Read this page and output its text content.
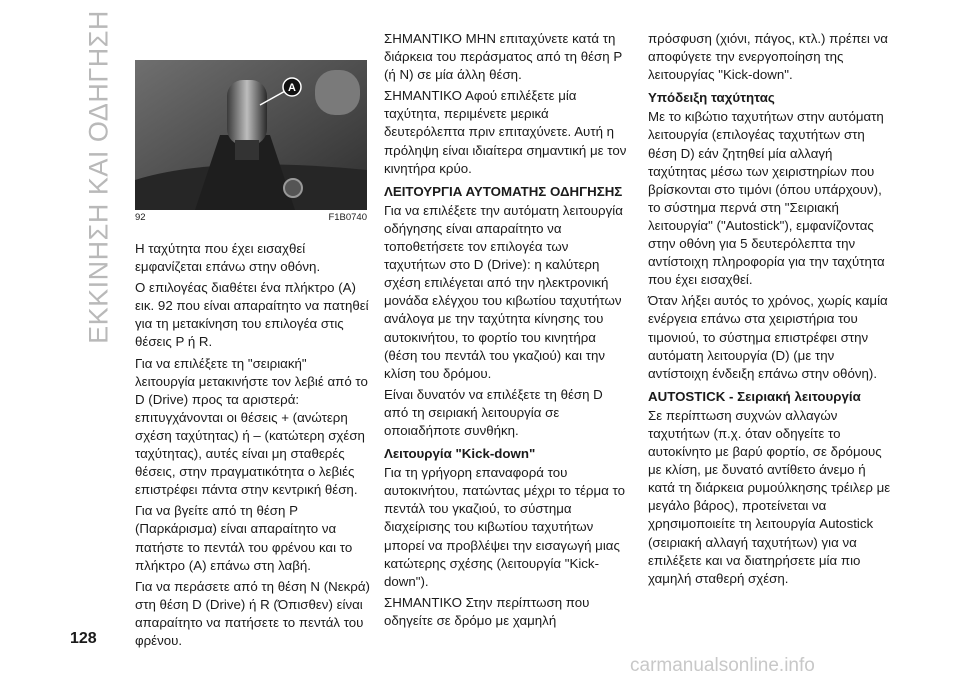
ΕΚΚΙΝΗΣΗ ΚΑΙ ΟΔΗΓΗΣΗ	A
92	F1B0740

Η ταχύτητα που έχει εισαχθεί εμφανίζεται επάνω στην οθόνη.

Ο επιλογέας διαθέτει ένα πλήκτρο (A) εικ. 92 που είναι απαραίτητο να πατηθεί για τη μετακίνηση του επιλογέα στις θέσεις P ή R.

Για να επιλέξετε τη "σειριακή" λειτουργία μετακινήστε τον λεβιέ από το D (Drive) προς τα αριστερά: επιτυγχάνονται οι θέσεις + (ανώτερη σχέση ταχύτητας) ή – (κατώτερη σχέση ταχύτητας), αυτές είναι μη σταθερές θέσεις, στην πραγματικότητα ο λεβιές επιστρέφει πάντα στην κεντρική θέση.

Για να βγείτε από τη θέση P (Παρκάρισμα) είναι απαραίτητο να πατήστε το πεντάλ του φρένου και το πλήκτρο (A) επάνω στη λαβή.

Για να περάσετε από τη θέση N (Νεκρά) στη θέση D (Drive) ή R (Όπισθεν) είναι απαραίτητο να πατήσετε το πεντάλ του φρένου.

ΣΗΜΑΝΤΙΚΟ ΜΗΝ επιταχύνετε κατά τη διάρκεια του περάσματος από τη θέση P (ή N) σε μία άλλη θέση.

ΣΗΜΑΝΤΙΚΟ Αφού επιλέξετε μία ταχύτητα, περιμένετε μερικά δευτερόλεπτα πριν επιταχύνετε. Αυτή η πρόληψη είναι ιδιαίτερα σημαντική με τον κινητήρα κρύο.

ΛΕΙΤΟΥΡΓΙΑ ΑΥΤΟΜΑΤΗΣ ΟΔΗΓΗΣΗΣ

Για να επιλέξετε την αυτόματη λειτουργία οδήγησης είναι απαραίτητο να τοποθετήσετε τον επιλογέα των ταχυτήτων στο D (Drive): η καλύτερη σχέση επιλέγεται από την ηλεκτρονική μονάδα ελέγχου του κιβωτίου ταχυτήτων ανάλογα με την ταχύτητα κίνησης του αυτοκινήτου, το φορτίο του κινητήρα (θέση του πεντάλ του γκαζιού) και την κλίση του δρόμου.

Είναι δυνατόν να επιλέξετε τη θέση D από τη σειριακή λειτουργία σε οποιαδήποτε συνθήκη.

Λειτουργία "Kick-down"

Για τη γρήγορη επαναφορά του αυτοκινήτου, πατώντας μέχρι το τέρμα το πεντάλ του γκαζιού, το σύστημα διαχείρισης του κιβωτίου ταχυτήτων μπορεί να προβλέψει την εισαγωγή μιας κατώτερης σχέσης (λειτουργία "Kick-down").

ΣΗΜΑΝΤΙΚΟ Στην περίπτωση που οδηγείτε σε δρόμο με χαμηλή

πρόσφυση (χιόνι, πάγος, κτλ.) πρέπει να αποφύγετε την ενεργοποίηση της λειτουργίας "Kick-down".

Υπόδειξη ταχύτητας

Με το κιβώτιο ταχυτήτων στην αυτόματη λειτουργία (επιλογέας ταχυτήτων στη θέση D) εάν ζητηθεί μία αλλαγή ταχύτητας μέσω των χειριστηρίων που βρίσκονται στο τιμόνι (όπου υπάρχουν), το σύστημα περνά στη "Σειριακή λειτουργία" ("Autostick"), εμφανίζοντας στην οθόνη για 5 δευτερόλεπτα την αντίστοιχη πληροφορία για την ταχύτητα που έχει εισαχθεί.

Όταν λήξει αυτός το χρόνος, χωρίς καμία ενέργεια επάνω στα χειριστήρια του τιμονιού, το σύστημα επιστρέφει στην αυτόματη λειτουργία (D) (με την αντίστοιχη ένδειξη επάνω στην οθόνη).

AUTOSTICK - Σειριακή λειτουργία

Σε περίπτωση συχνών αλλαγών ταχυτήτων (π.χ. όταν οδηγείτε το αυτοκίνητο με βαρύ φορτίο, σε δρόμους με κλίση, με δυνατό αντίθετο άνεμο ή κατά τη διάρκεια ρυμούλκησης τρέιλερ με μεγάλο βάρος), προτείνεται να χρησιμοποιείτε τη λειτουργία Autostick (σειριακή αλλαγή ταχυτήτων) για να επιλέξετε και να διατηρήσετε μία πιο χαμηλή σταθερή σχέση.

128
carmanualsonline.info
